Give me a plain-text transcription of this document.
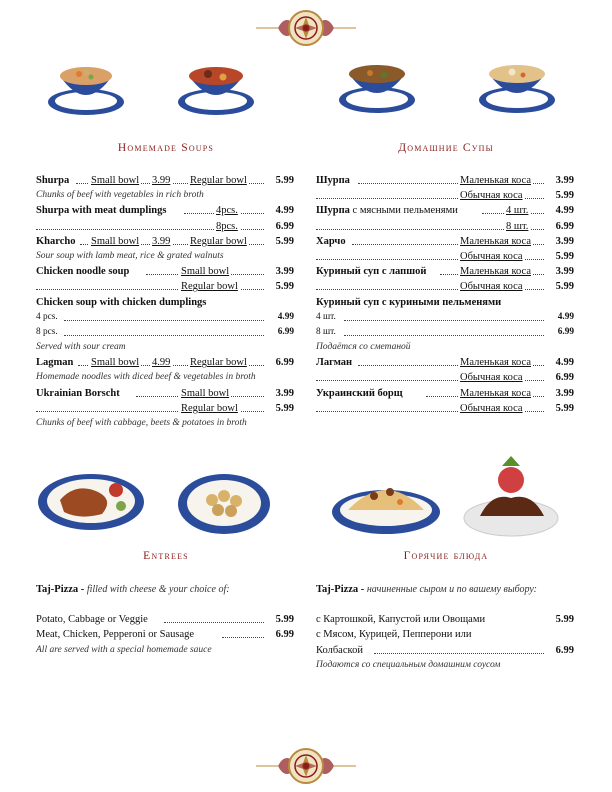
Homemade Soups	Домашние Супы
Shurpa Small bowl 3.99 Regular bowl	5.99
Chunks of beef with vegetables in rich broth
Shurpa with meat dumplings	4pcs.	4.99
8pcs.	6.99
Kharcho Small bowl 3.99 Regular bowl	5.99
Sour soup with lamb meat, rice & grated walnuts
Chicken noodle soup	Small bowl	3.99
Regular bowl	5.99
Chicken soup with chicken dumplings
4 pcs.	4.99
8 pcs.	6.99
Served with sour cream
Lagman Small bowl 4.99 Regular bowl	6.99
Homemade noodles with diced beef & vegetables in broth
Ukrainian Borscht	Small bowl	3.99
Regular bowl	5.99
Chunks of beef with cabbage, beets & potatoes in broth
Шурпа	Маленькая коса 3.99
Обычная коса	5.99
Шурпа с мясными пельменями	4 шт.	4.99
8 шт.	6.99
Харчо	Маленькая коса 3.99
Обычная коса	5.99
Куриный суп с лапшой	Маленькая коса 3.99
Обычная коса	5.99
Куриный суп с куриными пельменями
4 шт.	4.99
8 шт.	6.99
Подаётся со сметаной
Лагман	Маленькая коса 4.99
Обычная коса	6.99
Украинский борщ	Маленькая коса 3.99
Обычная коса	5.99
Entrees	Горячие блюда
Taj-Pizza - filled with cheese & your choice of:
Potato, Cabbage or Veggie	5.99
Meat, Chicken, Pepperoni or Sausage	6.99
All are served with a special homemade sauce
Taj-Pizza - начиненные сыром и по вашему выбору:
с Картошкой, Капустой или Овощами	5.99
с Мясом, Курицей, Пепперони или
Колбаской	6.99
Подаются со специальным домашним соусом
